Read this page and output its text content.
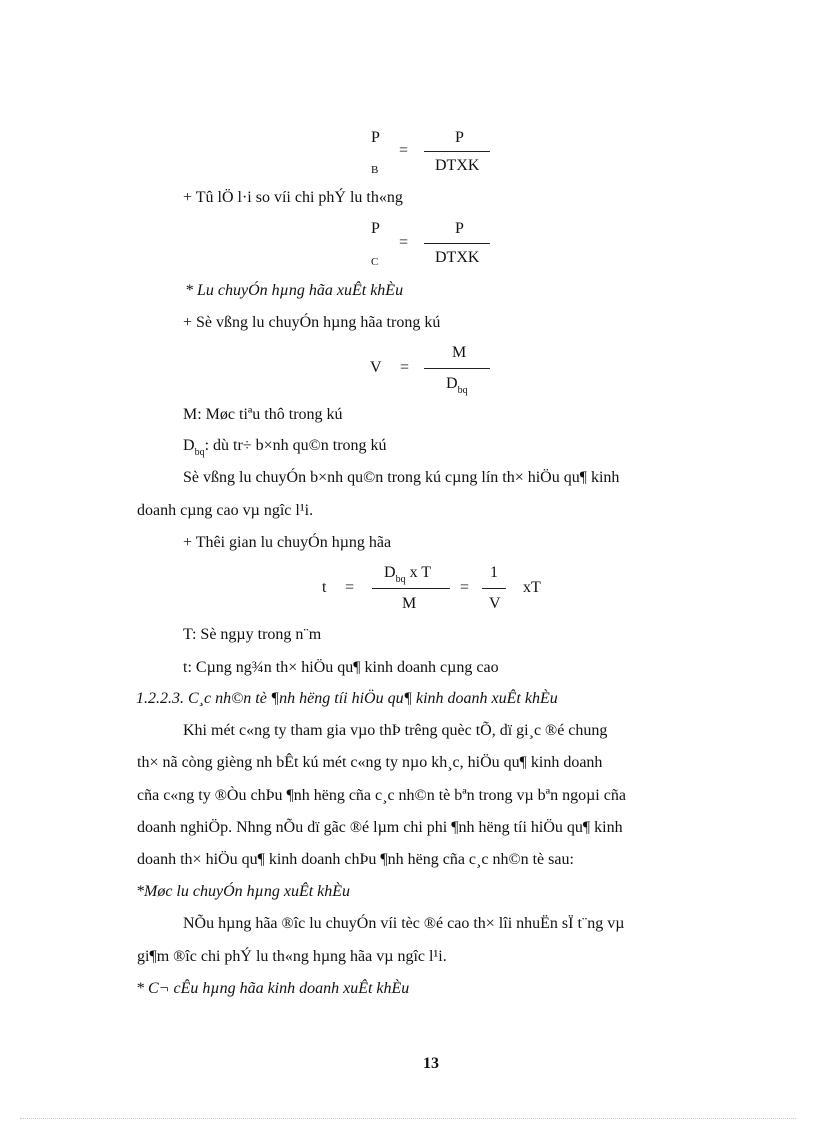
P
B
=
P
DTXK
+ Tû lÖ l·i so víi chi phÝ lu th«ng
P
C
=
P
DTXK
* Lu chuyÓn hµng hãa xuÊt khÈu
+ Sè vßng lu chuyÓn hµng hãa trong kú
V =
M
$D_{bq}$
M: Møc tiªu thô trong kú
$D_{bq}$: dù tr÷ b×nh qu©n trong kú
Sè vßng lu chuyÓn b×nh qu©n trong kú cµng lín th× hiÖu qu¶ kinh
doanh cµng cao vµ ngîc l¹i.
+ Thêi gian lu chuyÓn hµng hãa
t =
$D_{bq}$ x T
M
=
1
V
xT
T: Sè ngµy trong n¨m
t: Cµng ng¾n th× hiÖu qu¶ kinh doanh cµng cao
1.2.2.3. C¸c nh©n tè ¶nh hëng tíi hiÖu qu¶ kinh doanh xuÊt khÈu
Khi mét c«ng ty tham gia vµo thÞ trêng quèc tÕ, dï gi¸c ®é chung
th× nã còng gièng nh bÊt kú mét c«ng ty nµo kh¸c, hiÖu qu¶ kinh doanh
cña c«ng ty ®Òu chÞu ¶nh hëng cña c¸c nh©n tè bªn trong vµ bªn ngoµi cña
doanh nghiÖp. Nhng nÕu dï gãc ®é lµm chi phi ¶nh hëng tíi hiÖu qu¶ kinh
doanh th× hiÖu qu¶ kinh doanh chÞu ¶nh hëng cña c¸c nh©n tè sau:
*Møc lu chuyÓn hµng xuÊt khÈu
NÕu hµng hãa ®îc lu chuyÓn víi tèc ®é cao th× lîi nhuËn sÏ t¨ng vµ
gi¶m ®îc chi phÝ lu th«ng hµng hãa vµ ngîc l¹i.
* C¬ cÊu hµng hãa kinh doanh xuÊt khÈu
13
